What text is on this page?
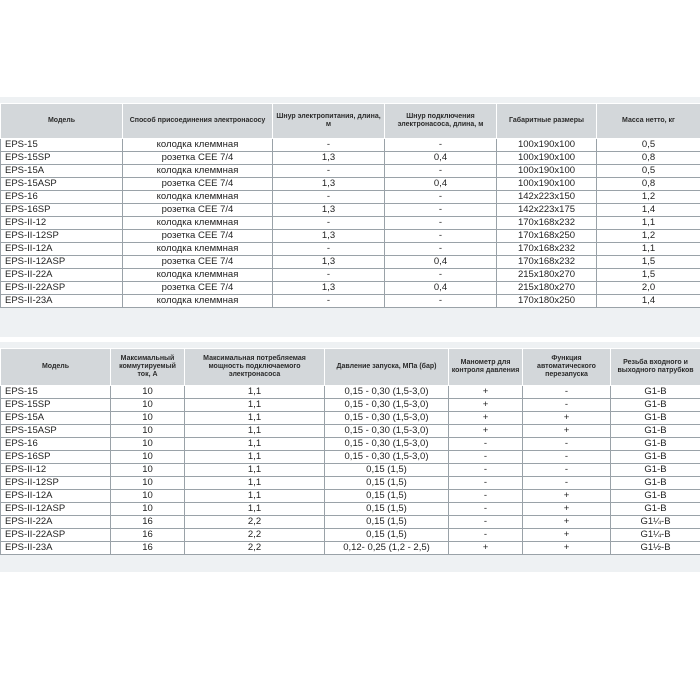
Модель	Способ присоединения электронасосу	Шнур электропитания, длина, м	Шнур подключения электронасоса, длина, м	Габаритные размеры	Масса нетто, кг
EPS-15	колодка клеммная	-	-	100x190x100	0,5
EPS-15SP	розетка CEE 7/4	1,3	0,4	100x190x100	0,8
EPS-15A	колодка клеммная	-	-	100x190x100	0,5
EPS-15ASP	розетка CEE 7/4	1,3	0,4	100x190x100	0,8
EPS-16	колодка клеммная	-	-	142x223x150	1,2
EPS-16SP	розетка CEE 7/4	1,3	-	142x223x175	1,4
EPS-II-12	колодка клеммная	-	-	170x168x232	1,1
EPS-II-12SP	розетка CEE 7/4	1,3	-	170x168x250	1,2
EPS-II-12A	колодка клеммная	-	-	170x168x232	1,1
EPS-II-12ASP	розетка CEE 7/4	1,3	0,4	170x168x232	1,5
EPS-II-22A	колодка клеммная	-	-	215x180x270	1,5
EPS-II-22ASP	розетка CEE 7/4	1,3	0,4	215x180x270	2,0
EPS-II-23A	колодка клеммная	-	-	170x180x250	1,4
Модель	Максимальный коммутируемый ток, А	Максимальная потребляемая мощность подключаемого электронасоса	Давление запуска, МПа (бар)	Манометр для контроля давления	Функция автоматического перезапуска	Резьба входного и выходного патрубков
EPS-15	10	1,1	0,15 - 0,30 (1,5-3,0)	+	-	G1-B
EPS-15SP	10	1,1	0,15 - 0,30 (1,5-3,0)	+	-	G1-B
EPS-15A	10	1,1	0,15 - 0,30 (1,5-3,0)	+	+	G1-B
EPS-15ASP	10	1,1	0,15 - 0,30 (1,5-3,0)	+	+	G1-B
EPS-16	10	1,1	0,15 - 0,30 (1,5-3,0)	-	-	G1-B
EPS-16SP	10	1,1	0,15 - 0,30 (1,5-3,0)	-	-	G1-B
EPS-II-12	10	1,1	0,15 (1,5)	-	-	G1-B
EPS-II-12SP	10	1,1	0,15 (1,5)	-	-	G1-B
EPS-II-12A	10	1,1	0,15 (1,5)	-	+	G1-B
EPS-II-12ASP	10	1,1	0,15 (1,5)	-	+	G1-B
EPS-II-22A	16	2,2	0,15 (1,5)	-	+	G1¼-B
EPS-II-22ASP	16	2,2	0,15 (1,5)	-	+	G1¼-B
EPS-II-23A	16	2,2	0,12- 0,25 (1,2 - 2,5)	+	+	G1½-B
